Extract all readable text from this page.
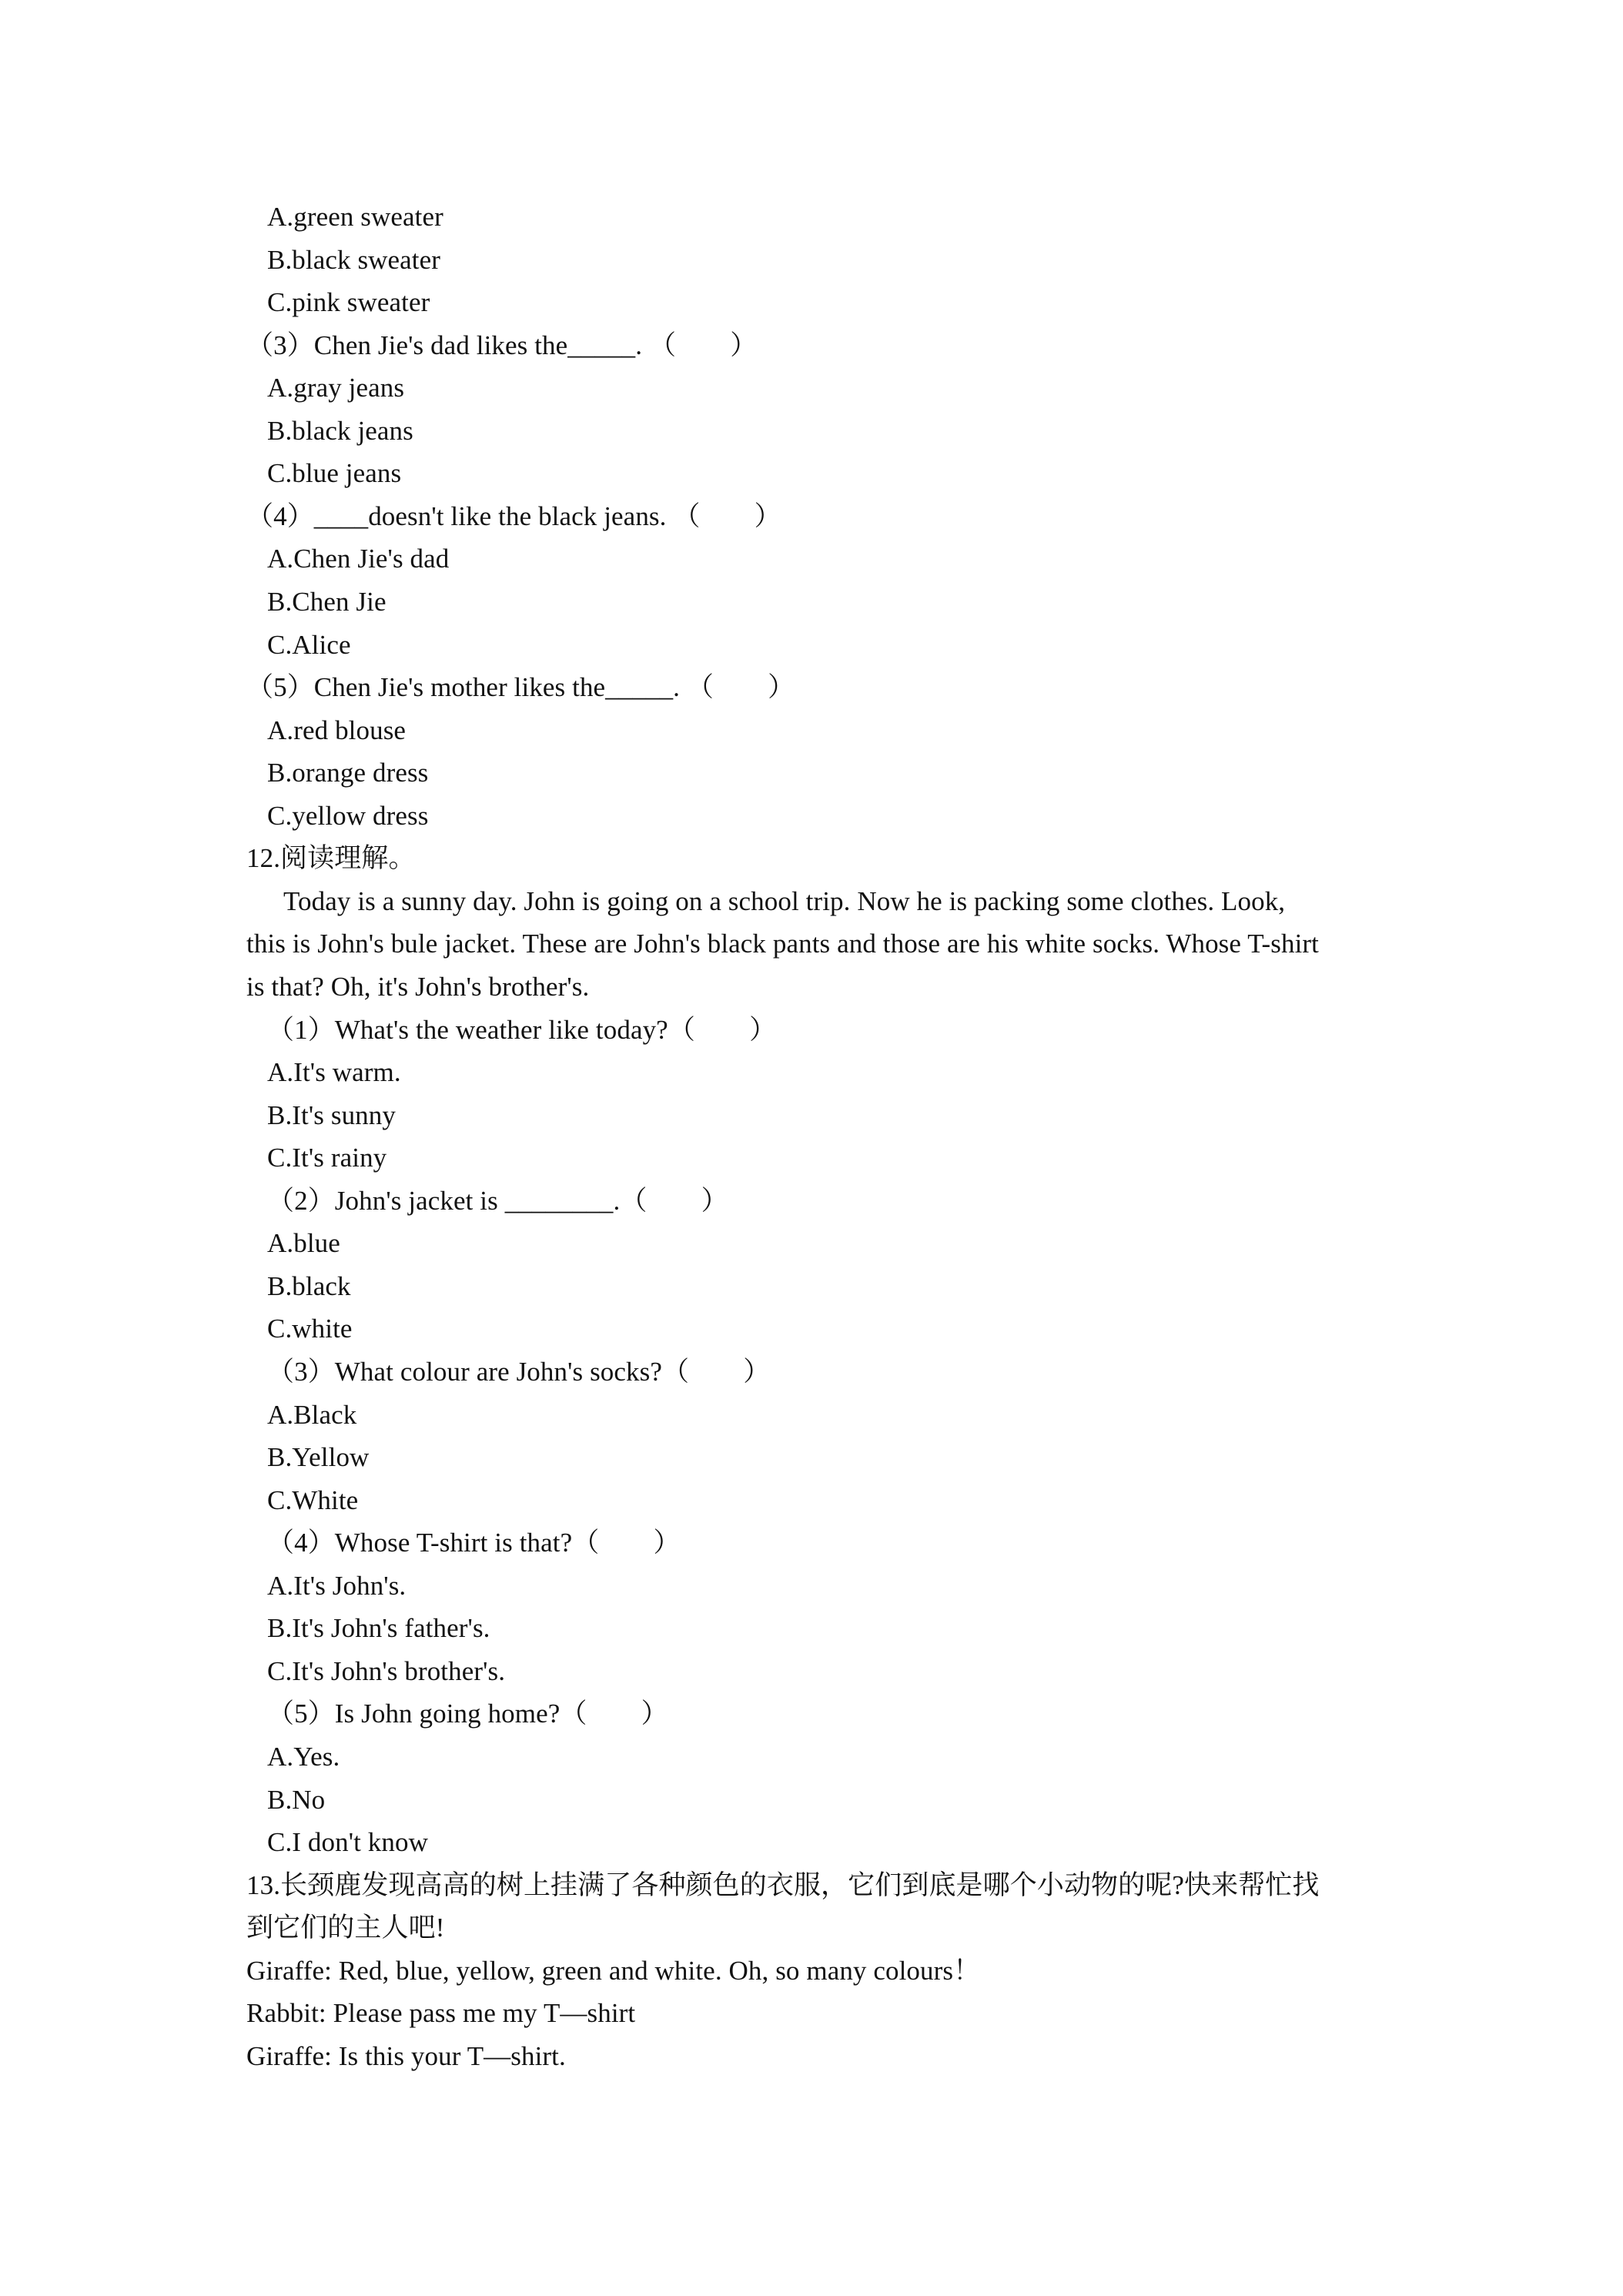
A.green sweater
B.black sweater
C.pink sweater
（3）Chen Jie's dad likes the_____. （　　）
A.gray jeans
B.black jeans
C.blue jeans
（4）____doesn't like the black jeans. （　　）
A.Chen Jie's dad
B.Chen Jie
C.Alice
（5）Chen Jie's mother likes the_____. （　　）
A.red blouse
B.orange dress
C.yellow dress
12.阅读理解。
Today is a sunny day. John is going on a school trip. Now he is packing some clothes. Look,
this is John's bule jacket. These are John's black pants and those are his white socks. Whose T-shirt
is that? Oh, it's John's brother's.
（1）What's the weather like today?（　　）
A.It's warm.
B.It's sunny
C.It's rainy
（2）John's jacket is ________.（　　）
A.blue
B.black
C.white
（3）What colour are John's socks?（　　）
A.Black
B.Yellow
C.White
（4）Whose T-shirt is that?（　　）
A.It's John's.
B.It's John's father's.
C.It's John's brother's.
（5）Is John going home?（　　）
A.Yes.
B.No
C.I don't know
13.长颈鹿发现高高的树上挂满了各种颜色的衣服，它们到底是哪个小动物的呢?快来帮忙找
到它们的主人吧!
Giraffe: Red, blue, yellow, green and white. Oh, so many colours！
Rabbit: Please pass me my T—shirt
Giraffe: Is this your T—shirt.
